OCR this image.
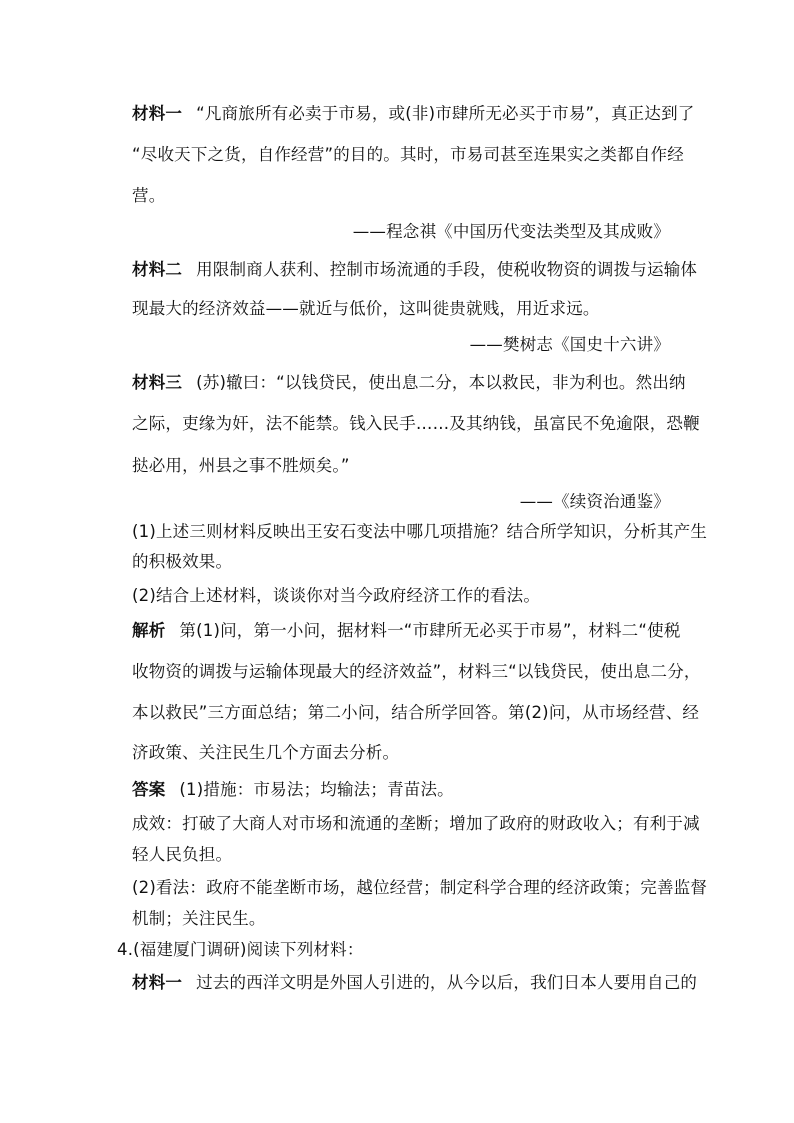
材料一 “凡商旅所有必卖于市易，或(非)市肆所无必买于市易”，真正达到了
“尽收天下之货，自作经营”的目的。其时，市易司甚至连果实之类都自作经
营。
——程念祺《中国历代变法类型及其成败》
材料二 用限制商人获利、控制市场流通的手段，使税收物资的调拨与运输体
现最大的经济效益——就近与低价，这叫徙贵就贱，用近求远。
——樊树志《国史十六讲》
材料三 (苏)辙曰：“以钱贷民，使出息二分，本以救民，非为利也。然出纳
之际，吏缘为奸，法不能禁。钱入民手……及其纳钱，虽富民不免逾限，恐鞭
挞必用，州县之事不胜烦矣。”
——《续资治通鉴》
(1)上述三则材料反映出王安石变法中哪几项措施？结合所学知识，分析其产生
的积极效果。
(2)结合上述材料，谈谈你对当今政府经济工作的看法。
解析 第(1)问，第一小问，据材料一“市肆所无必买于市易”，材料二“使税
收物资的调拨与运输体现最大的经济效益”，材料三“以钱贷民，使出息二分，
本以救民”三方面总结；第二小问，结合所学回答。第(2)问，从市场经营、经
济政策、关注民生几个方面去分析。
答案 (1)措施：市易法；均输法；青苗法。
成效：打破了大商人对市场和流通的垄断；增加了政府的财政收入；有利于减
轻人民负担。
(2)看法：政府不能垄断市场，越位经营；制定科学合理的经济政策；完善监督
机制；关注民生。
4.(福建厦门调研)阅读下列材料：
材料一 过去的西洋文明是外国人引进的，从今以后，我们日本人要用自己的
